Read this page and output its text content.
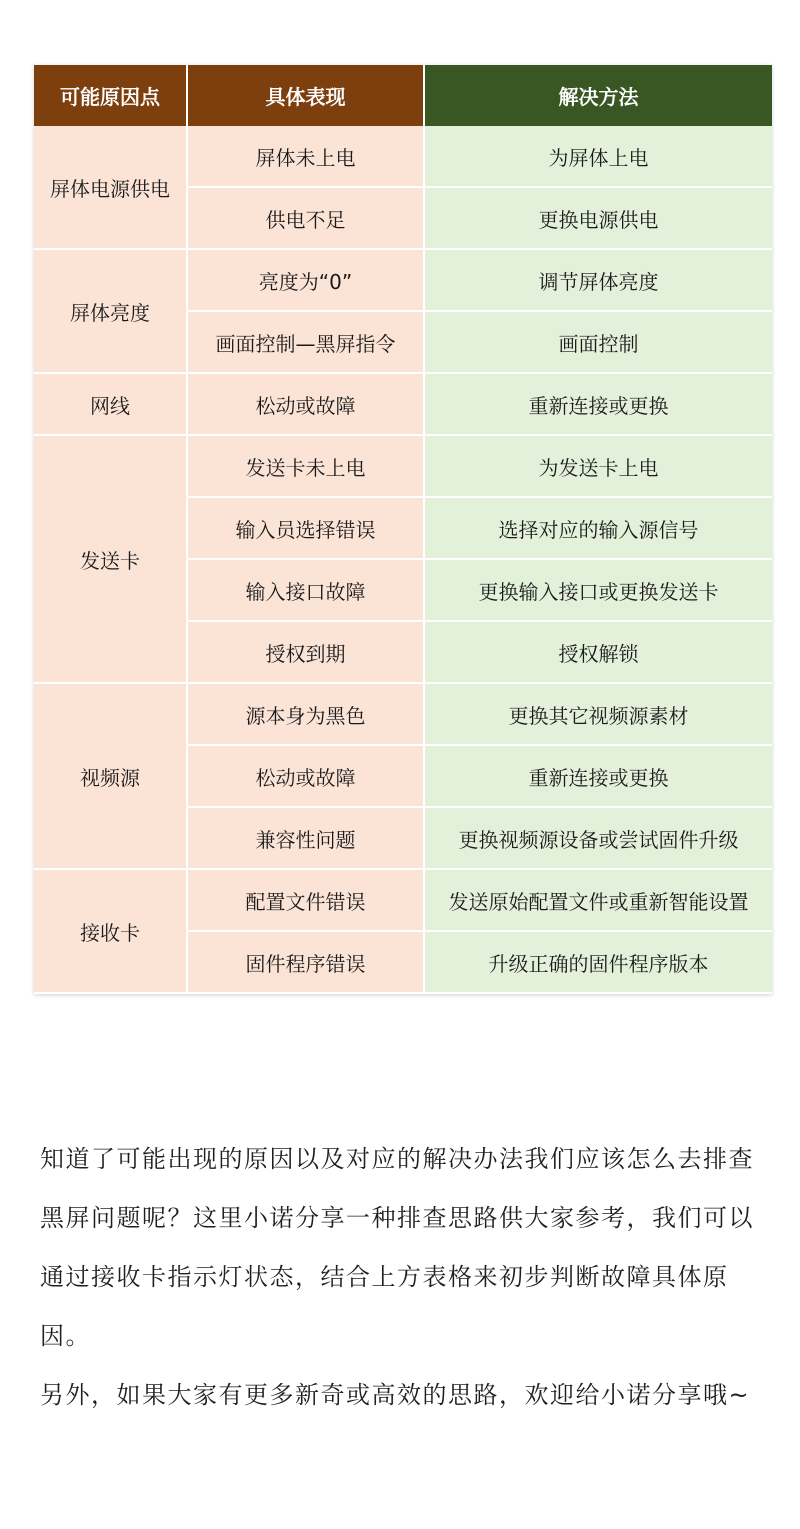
可能原因点	具体表现	解决方法
屏体电源供电	屏体未上电	为屏体上电
	供电不足	更换电源供电
屏体亮度	亮度为“0”	调节屏体亮度
	画面控制—黑屏指令	画面控制
网线	松动或故障	重新连接或更换
发送卡	发送卡未上电	为发送卡上电
	输入员选择错误	选择对应的输入源信号
	输入接口故障	更换输入接口或更换发送卡
	授权到期	授权解锁
视频源	源本身为黑色	更换其它视频源素材
	松动或故障	重新连接或更换
	兼容性问题	更换视频源设备或尝试固件升级
接收卡	配置文件错误	发送原始配置文件或重新智能设置
	固件程序错误	升级正确的固件程序版本

知道了可能出现的原因以及对应的解决办法我们应该怎么去排查黑屏问题呢？这里小诺分享一种排查思路供大家参考，我们可以通过接收卡指示灯状态，结合上方表格来初步判断故障具体原因。

另外，如果大家有更多新奇或高效的思路，欢迎给小诺分享哦~
